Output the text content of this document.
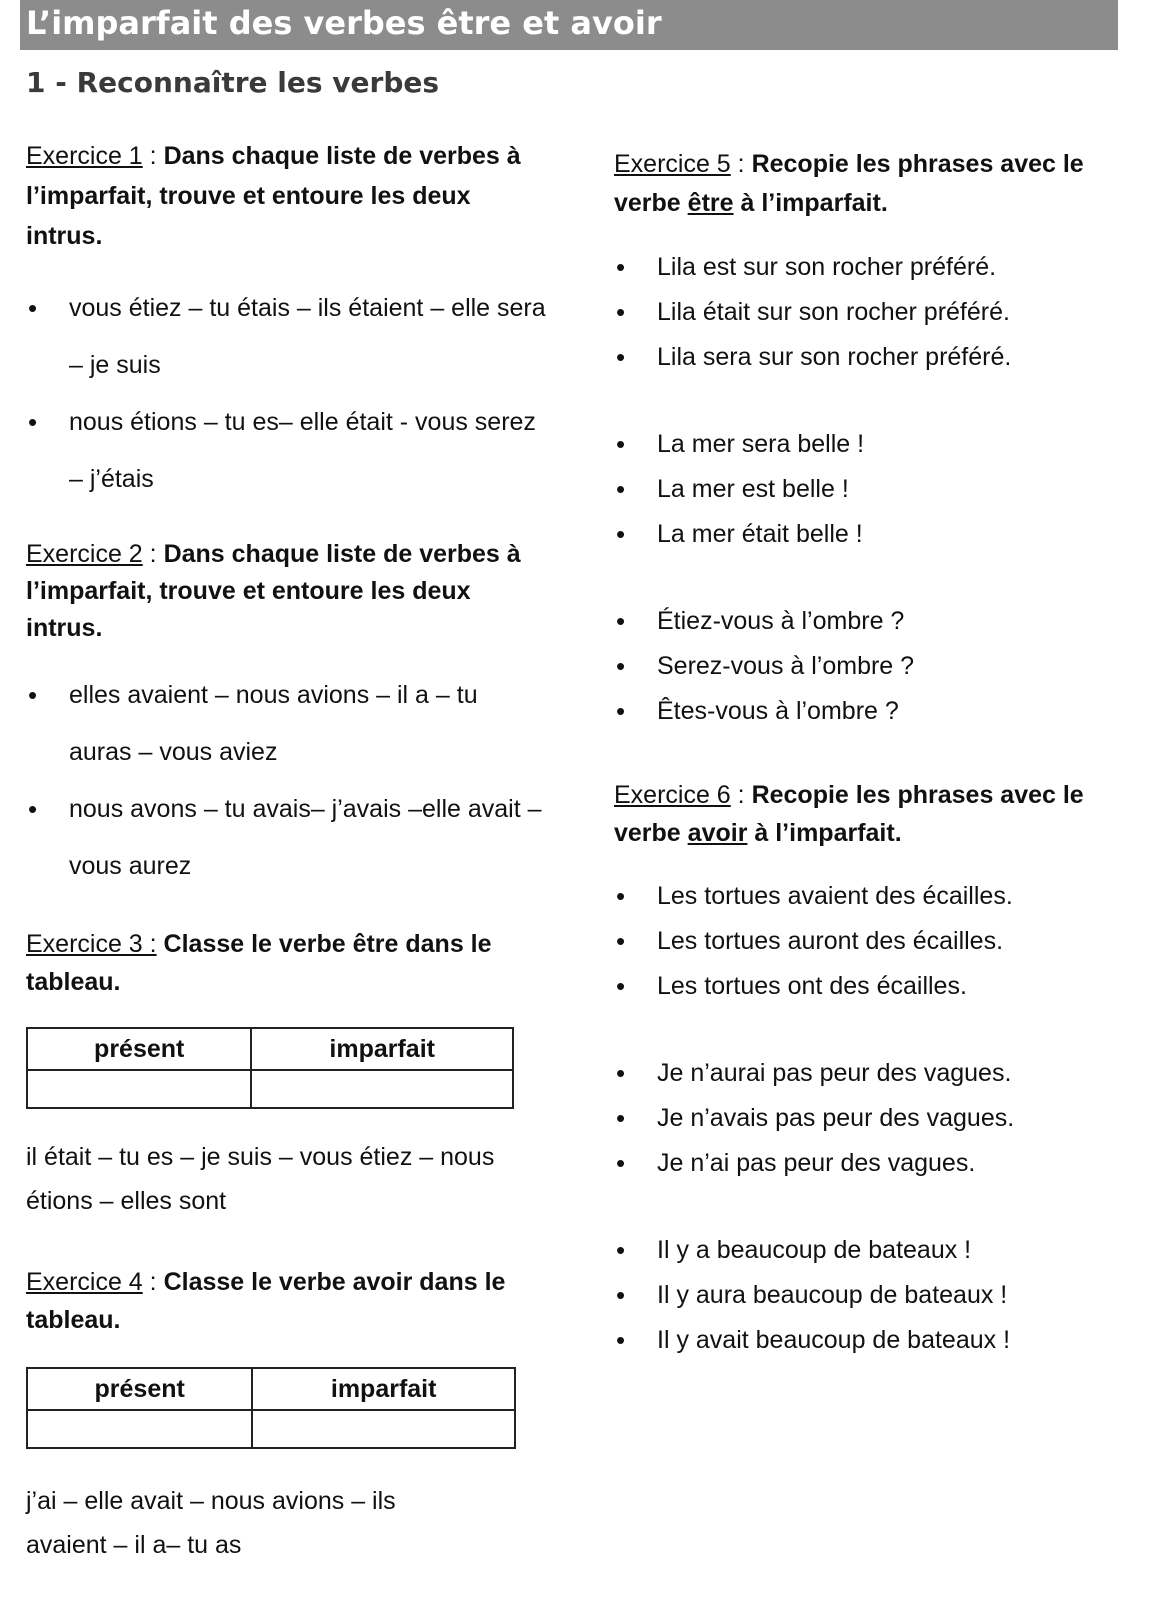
L’imparfait des verbes être et avoir
1 - Reconnaître les verbes
Exercice 1 : Dans chaque liste de verbes à l’imparfait, trouve et entoure les deux intrus.
• vous étiez – tu étais – ils étaient – elle sera – je suis
• nous étions – tu es– elle était - vous serez – j’étais
Exercice 2 : Dans chaque liste de verbes à l’imparfait, trouve et entoure les deux intrus.
• elles avaient – nous avions – il a – tu auras – vous aviez
• nous avons – tu avais– j’avais –elle avait – vous aurez
Exercice 3 : Classe le verbe être dans le tableau.
présent	imparfait

il était – tu es – je suis – vous étiez – nous étions – elles sont
Exercice 4 : Classe le verbe avoir dans le tableau.
présent	imparfait

j’ai – elle avait – nous avions – ils avaient – il a– tu as
Exercice 5 : Recopie les phrases avec le verbe être à l’imparfait.
• Lila est sur son rocher préféré.
• Lila était sur son rocher préféré.
• Lila sera sur son rocher préféré.
• La mer sera belle !
• La mer est belle !
• La mer était belle !
• Étiez-vous à l’ombre ?
• Serez-vous à l’ombre ?
• Êtes-vous à l’ombre ?
Exercice 6 : Recopie les phrases avec le verbe avoir à l’imparfait.
• Les tortues avaient des écailles.
• Les tortues auront des écailles.
• Les tortues ont des écailles.
• Je n’aurai pas peur des vagues.
• Je n’avais pas peur des vagues.
• Je n’ai pas peur des vagues.
• Il y a beaucoup de bateaux !
• Il y aura beaucoup de bateaux !
• Il y avait beaucoup de bateaux !
